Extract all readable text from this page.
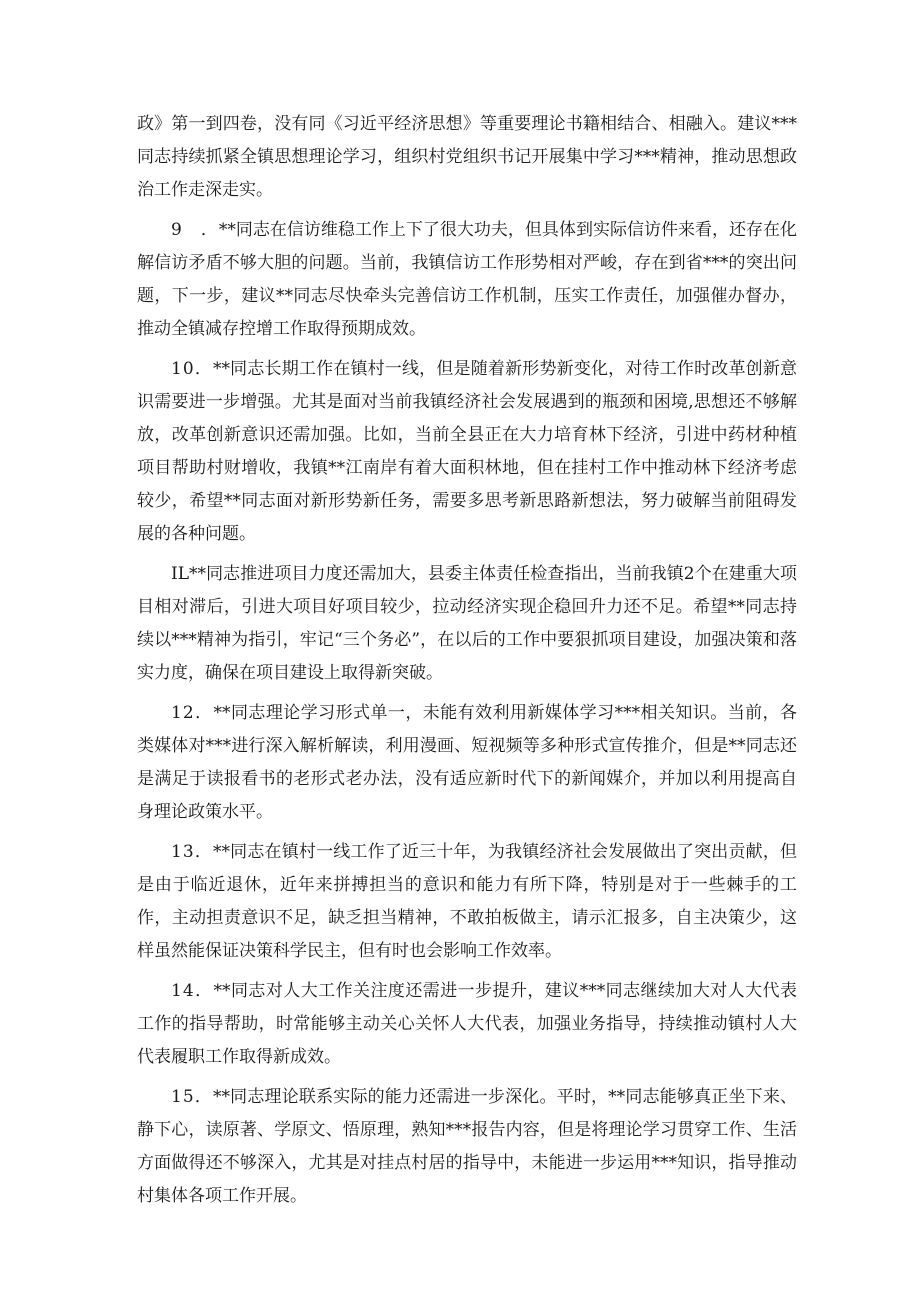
政》第一到四卷，没有同《习近平经济思想》等重要理论书籍相结合、相融入。建议***同志持续抓紧全镇思想理论学习，组织村党组织书记开展集中学习***精神，推动思想政治工作走深走实。

9　．**同志在信访维稳工作上下了很大功夫，但具体到实际信访件来看，还存在化解信访矛盾不够大胆的问题。当前，我镇信访工作形势相对严峻，存在到省***的突出问题，下一步，建议**同志尽快牵头完善信访工作机制，压实工作责任，加强催办督办，推动全镇减存控增工作取得预期成效。

10．**同志长期工作在镇村一线，但是随着新形势新变化，对待工作时改革创新意识需要进一步增强。尤其是面对当前我镇经济社会发展遇到的瓶颈和困境,思想还不够解放，改革创新意识还需加强。比如，当前全县正在大力培育林下经济，引进中药材种植项目帮助村财增收，我镇**江南岸有着大面积林地，但在挂村工作中推动林下经济考虑较少，希望**同志面对新形势新任务，需要多思考新思路新想法，努力破解当前阻碍发展的各种问题。

IL**同志推进项目力度还需加大，县委主体责任检查指出，当前我镇2个在建重大项目相对滞后，引进大项目好项目较少，拉动经济实现企稳回升力还不足。希望**同志持续以***精神为指引，牢记“三个务必”，在以后的工作中要狠抓项目建设，加强决策和落实力度，确保在项目建设上取得新突破。

12．**同志理论学习形式单一，未能有效利用新媒体学习***相关知识。当前，各类媒体对***进行深入解析解读，利用漫画、短视频等多种形式宣传推介，但是**同志还是满足于读报看书的老形式老办法，没有适应新时代下的新闻媒介，并加以利用提高自身理论政策水平。

13．**同志在镇村一线工作了近三十年，为我镇经济社会发展做出了突出贡献，但是由于临近退休，近年来拼搏担当的意识和能力有所下降，特别是对于一些棘手的工作，主动担责意识不足，缺乏担当精神，不敢拍板做主，请示汇报多，自主决策少，这样虽然能保证决策科学民主，但有时也会影响工作效率。

14．**同志对人大工作关注度还需进一步提升，建议***同志继续加大对人大代表工作的指导帮助，时常能够主动关心关怀人大代表，加强业务指导，持续推动镇村人大代表履职工作取得新成效。

15．**同志理论联系实际的能力还需进一步深化。平时，**同志能够真正坐下来、静下心，读原著、学原文、悟原理，熟知***报告内容，但是将理论学习贯穿工作、生活方面做得还不够深入，尤其是对挂点村居的指导中，未能进一步运用***知识，指导推动村集体各项工作开展。
